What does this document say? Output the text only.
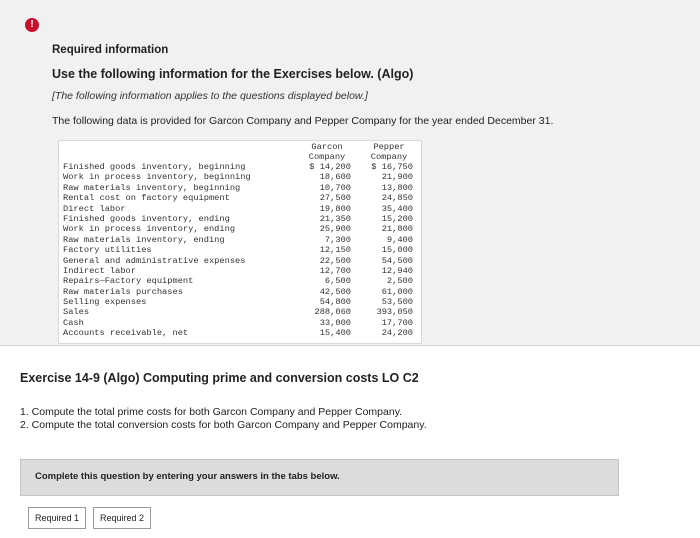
!
Required information
Use the following information for the Exercises below. (Algo)
[The following information applies to the questions displayed below.]
The following data is provided for Garcon Company and Pepper Company for the year ended December 31.
Garcon
Company
Pepper
Company
Finished goods inventory, beginning	$ 14,200 $ 16,750
Work in process inventory, beginning	18,600	21,900
Raw materials inventory, beginning	10,700	13,800
Rental cost on factory equipment	27,500	24,850
Direct labor	19,800	35,400
Finished goods inventory, ending	21,350	15,200
Work in process inventory, ending	25,900	21,800
Raw materials inventory, ending	7,300	9,400
Factory utilities	12,150	15,000
General and administrative expenses	22,500	54,500
Indirect labor	12,700	12,940
Repairs—Factory equipment	6,500	2,500
Raw materials purchases	42,500	61,000
Selling expenses	54,800	53,500
Sales	288,060	393,050
Cash	33,000	17,700
Accounts receivable, net	15,400	24,200
Exercise 14-9 (Algo) Computing prime and conversion costs LO C2
1. Compute the total prime costs for both Garcon Company and Pepper Company.
2. Compute the total conversion costs for both Garcon Company and Pepper Company.
Complete this question by entering your answers in the tabs below.
Required 1	Required 2
